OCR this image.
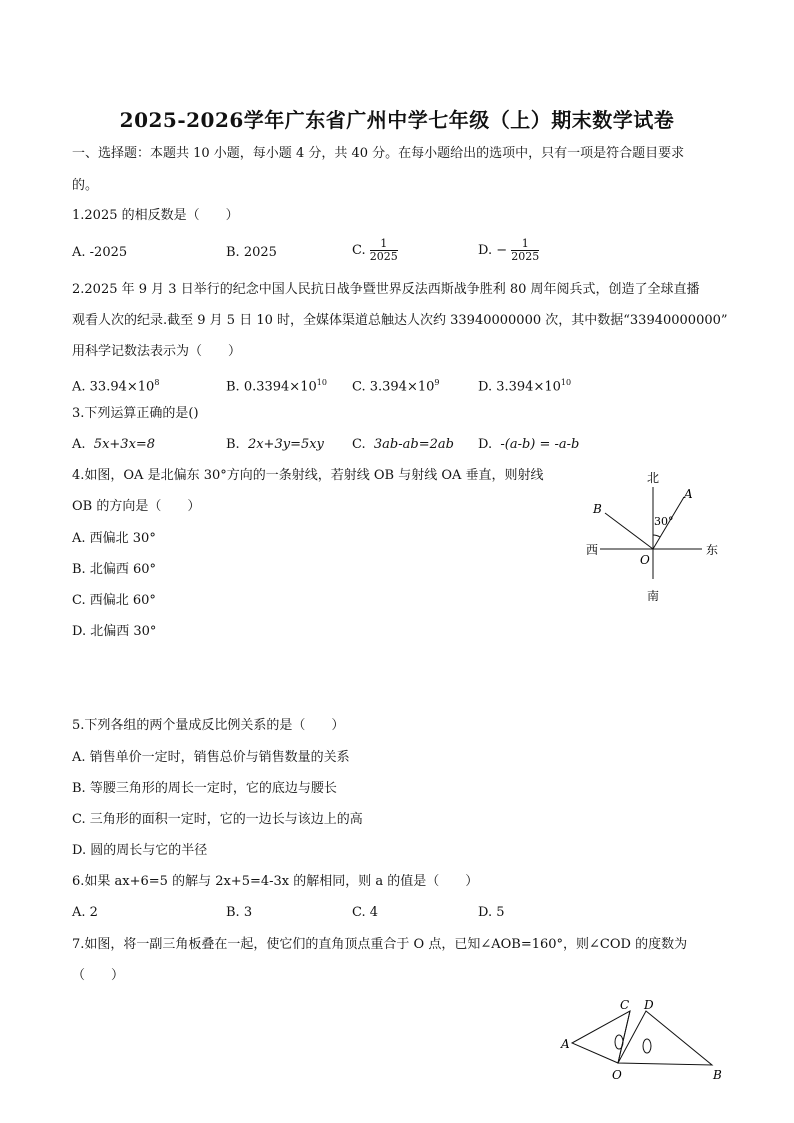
2025-2026学年广东省广州中学七年级（上）期末数学试卷
一、选择题：本题共 10 小题，每小题 4 分，共 40 分。在每小题给出的选项中，只有一项是符合题目要求
的。
1.2025 的相反数是（　　）
A. -2025	B. 2025	C. $\frac{1}{2025}$	D. − $\frac{1}{2025}$
2.2025 年 9 月 3 日举行的纪念中国人民抗日战争暨世界反法西斯战争胜利 80 周年阅兵式，创造了全球直播
观看人次的纪录.截至 9 月 5 日 10 时，全媒体渠道总触达人次约 33940000000 次，其中数据“33940000000”
用科学记数法表示为（　　）
A. $33.94\times 10^8$	B. $0.3394\times 10^{10}$ C. $3.394\times 10^9$	D. $3.394\times 10^{10}$
3.下列运算正确的是()
A. 5x+3x=8	B. 2x+3y=5xy C. 3ab-ab=2ab D. -(a-b) = -a-b
4.如图，OA 是北偏东 30°方向的一条射线，若射线 OB 与射线 OA 垂直，则射线
OB 的方向是（　　）
A. 西偏北 30°
B. 北偏西 60°
C. 西偏北 60°
D. 北偏西 30°
北
南
西	东
O
A
B
30°
5.下列各组的两个量成反比例关系的是（　　）
A. 销售单价一定时，销售总价与销售数量的关系
B. 等腰三角形的周长一定时，它的底边与腰长
C. 三角形的面积一定时，它的一边长与该边上的高
D. 圆的周长与它的半径
6.如果 ax+6=5 的解与 2x+5=4-3x 的解相同，则 a 的值是（　　）
A. 2	B. 3	C. 4	D. 5
7.如图，将一副三角板叠在一起，使它们的直角顶点重合于 O 点，已知∠AOB=160°，则∠COD 的度数为
（　　）
A
B
C D
O
